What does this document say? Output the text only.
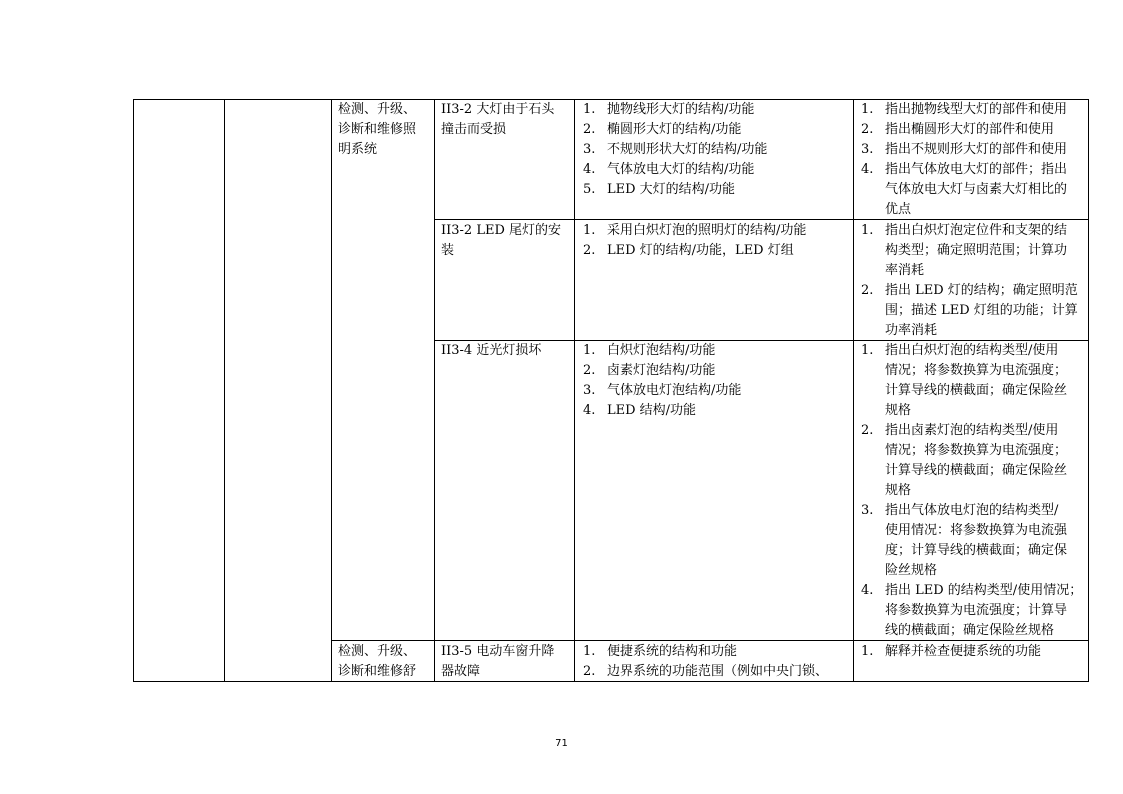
检测、升级、
诊断和维修照
明系统
II3-2 大灯由于石头
撞击而受损
1. 抛物线形大灯的结构/功能
2. 椭圆形大灯的结构/功能
3. 不规则形状大灯的结构/功能
4. 气体放电大灯的结构/功能
5. LED 大灯的结构/功能
1. 指出抛物线型大灯的部件和使用
2. 指出椭圆形大灯的部件和使用
3. 指出不规则形大灯的部件和使用
4. 指出气体放电大灯的部件；指出
气体放电大灯与卤素大灯相比的
优点
II3-2 LED 尾灯的安
装
1. 采用白炽灯泡的照明灯的结构/功能
2. LED 灯的结构/功能，LED 灯组
1. 指出白炽灯泡定位件和支架的结
构类型；确定照明范围；计算功
率消耗
2. 指出 LED 灯的结构；确定照明范
围；描述 LED 灯组的功能；计算
功率消耗
II3-4 近光灯损坏	1. 白炽灯泡结构/功能
2. 卤素灯泡结构/功能
3. 气体放电灯泡结构/功能
4. LED 结构/功能
1. 指出白炽灯泡的结构类型/使用
情况；将参数换算为电流强度；
计算导线的横截面；确定保险丝
规格
2. 指出卤素灯泡的结构类型/使用
情况；将参数换算为电流强度；
计算导线的横截面；确定保险丝
规格
3. 指出气体放电灯泡的结构类型/
使用情况：将参数换算为电流强
度；计算导线的横截面；确定保
险丝规格
4. 指出 LED 的结构类型/使用情况；
将参数换算为电流强度；计算导
线的横截面；确定保险丝规格
检测、升级、
诊断和维修舒
II3-5 电动车窗升降
器故障
1. 便捷系统的结构和功能
2. 边界系统的功能范围（例如中央门锁、
1. 解释并检查便捷系统的功能
71
